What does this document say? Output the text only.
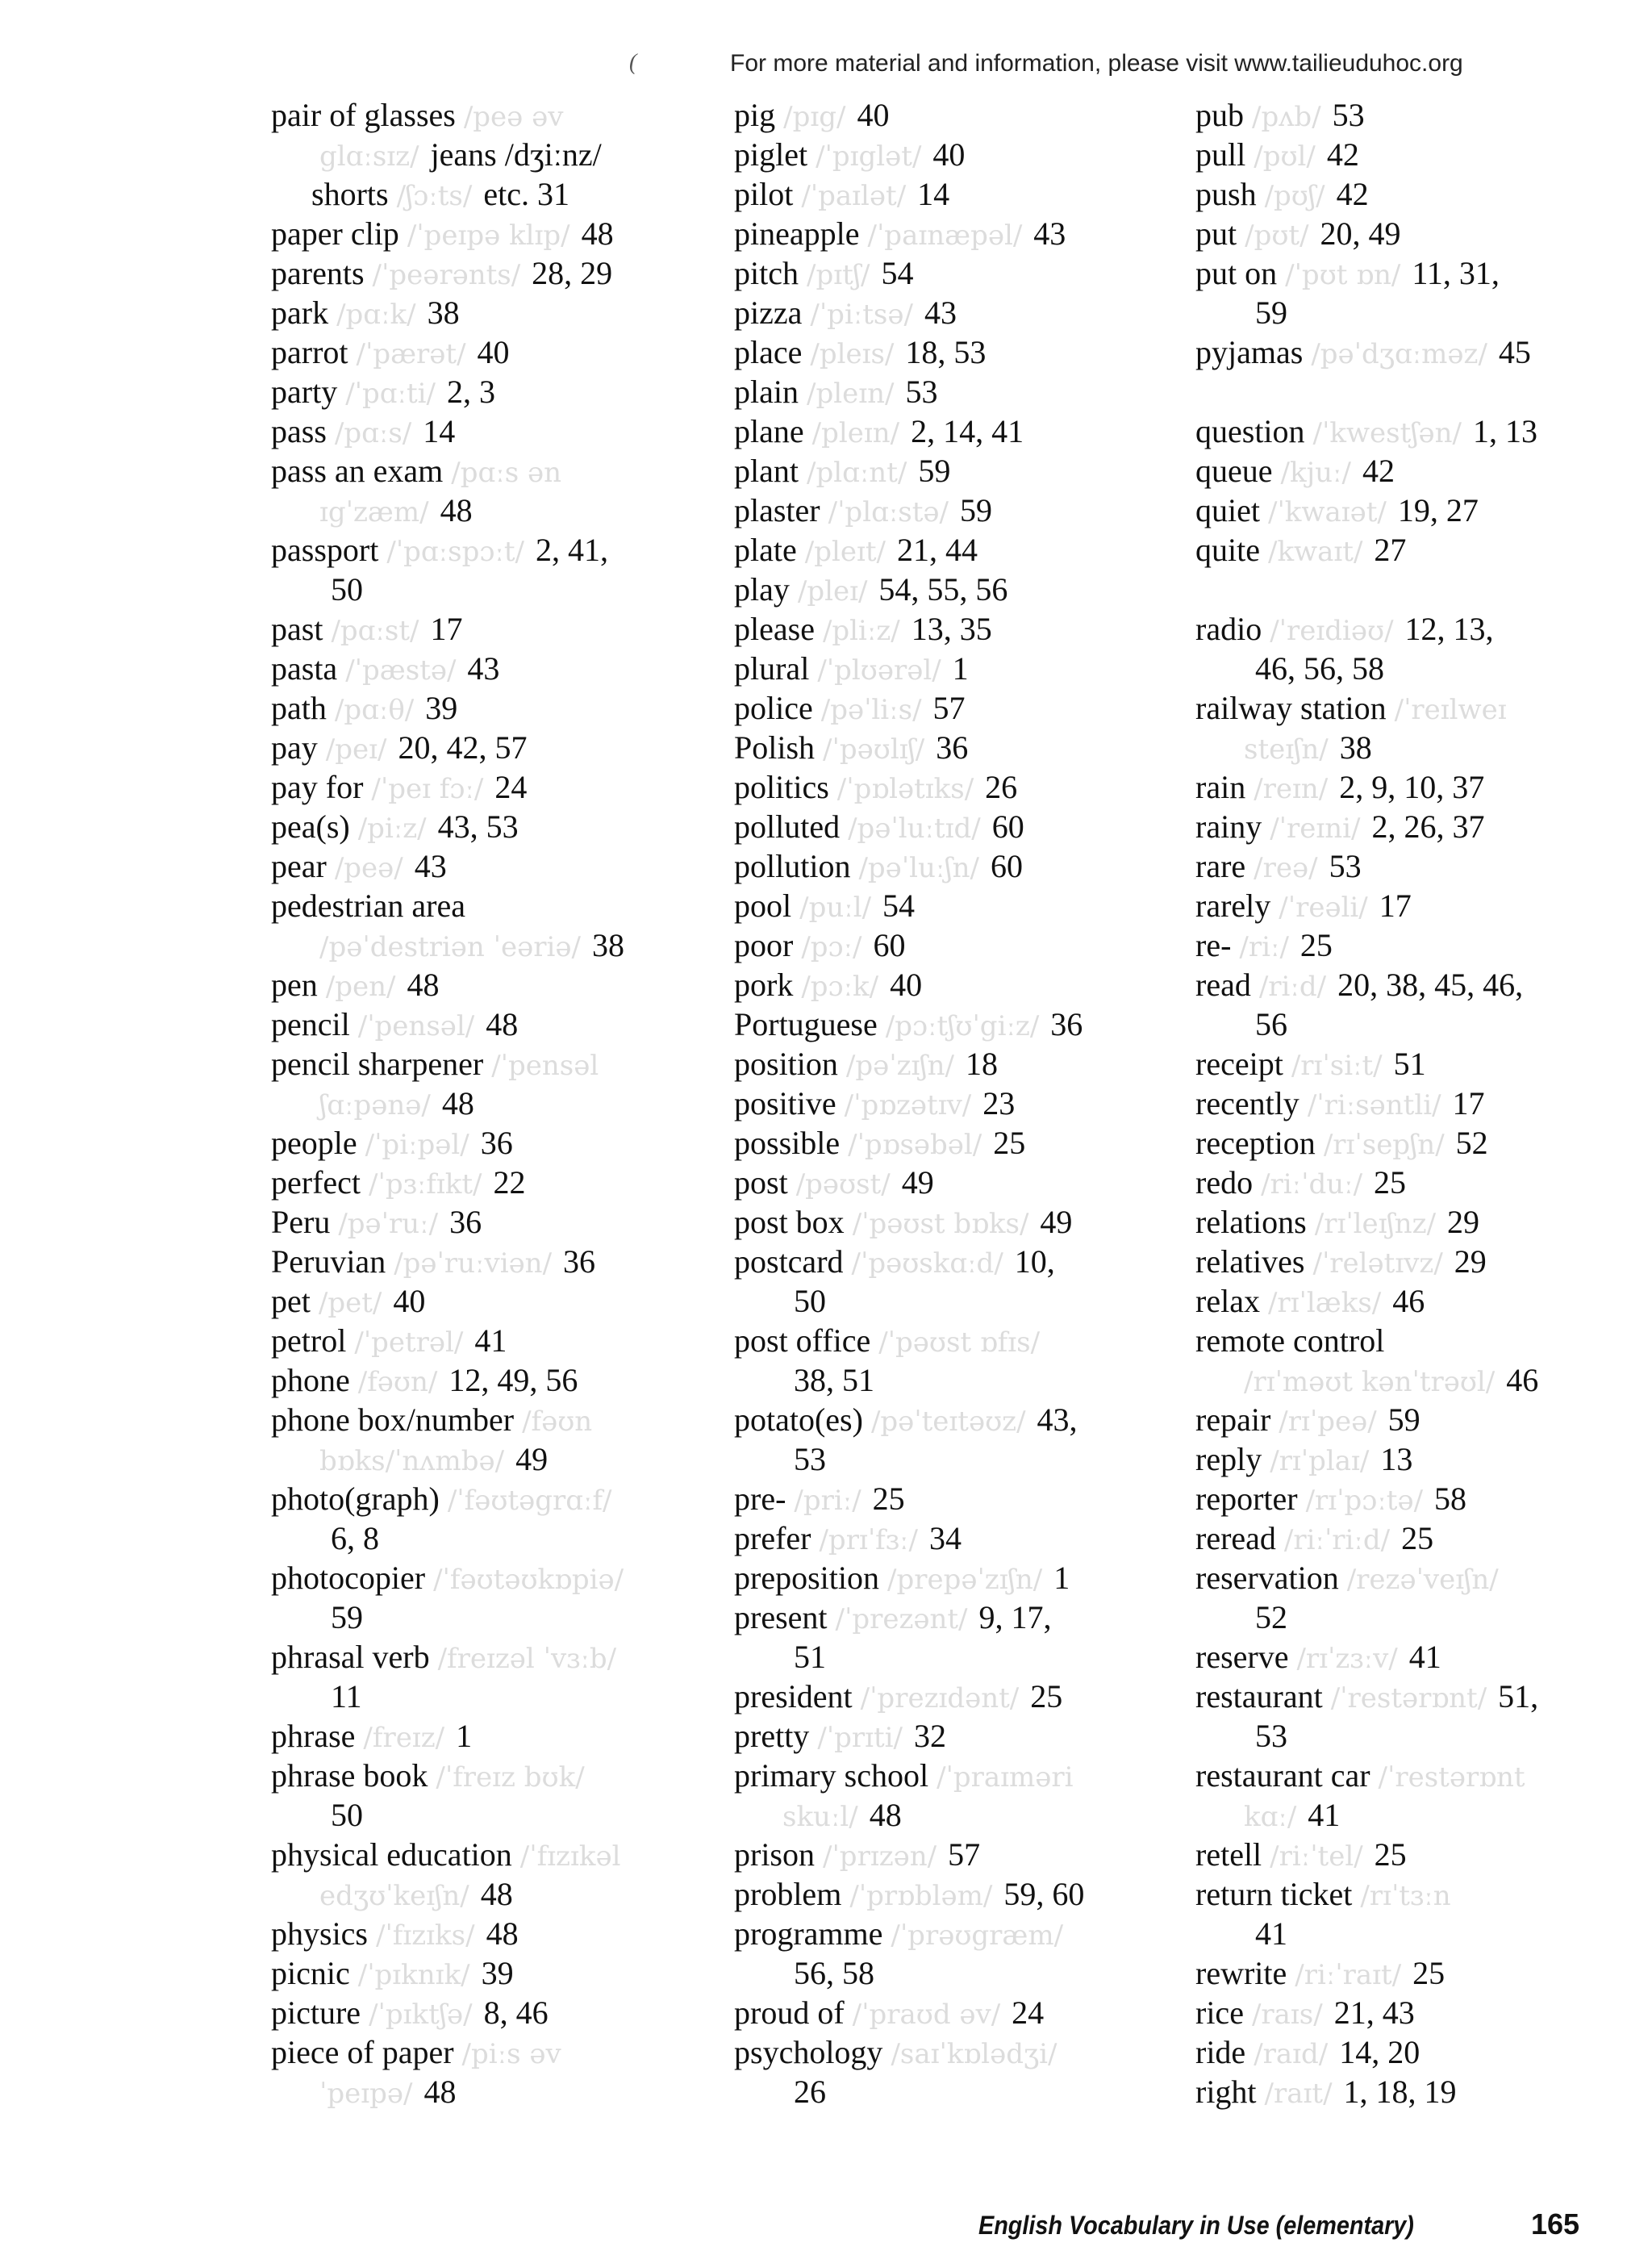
(	For more material and information, please visit www.tailieuduhoc.org
pair of glasses /peə əv
glɑːsɪz/ jeans /dʒiːnz/
shorts /ʃɔːts/ etc. 31
paper clip /ˈpeɪpə klɪp/ 48
parents /ˈpeərənts/ 28, 29
park /pɑːk/ 38
parrot /ˈpærət/ 40
party /ˈpɑːti/ 2, 3
pass /pɑːs/ 14
pass an exam /pɑːs ən
ɪgˈzæm/ 48
passport /ˈpɑːspɔːt/ 2, 41,
50
past /pɑːst/ 17
pasta /ˈpæstə/ 43
path /pɑːθ/ 39
pay /peɪ/ 20, 42, 57
pay for /ˈpeɪ fɔː/ 24
pea(s) /piːz/ 43, 53
pear /peə/ 43
pedestrian area
/pəˈdestriən ˈeəriə/ 38
pen /pen/ 48
pencil /ˈpensəl/ 48
pencil sharpener /ˈpensəl
ʃɑːpənə/ 48
people /ˈpiːpəl/ 36
perfect /ˈpɜːfɪkt/ 22
Peru /pəˈruː/ 36
Peruvian /pəˈruːviən/ 36
pet /pet/ 40
petrol /ˈpetrəl/ 41
phone /fəʊn/ 12, 49, 56
phone box/number /fəʊn
bɒks/ˈnʌmbə/ 49
photo(graph) /ˈfəʊtəgrɑːf/
6, 8
photocopier /ˈfəʊtəʊkɒpiə/
59
phrasal verb /freɪzəl ˈvɜːb/
11
phrase /freɪz/ 1
phrase book /ˈfreɪz bʊk/
50
physical education /ˈfɪzɪkəl
edʒʊˈkeɪʃn/ 48
physics /ˈfɪzɪks/ 48
picnic /ˈpɪknɪk/ 39
picture /ˈpɪktʃə/ 8, 46
piece of paper /piːs əv
ˈpeɪpə/ 48
pig /pɪg/ 40
piglet /ˈpɪglət/ 40
pilot /ˈpaɪlət/ 14
pineapple /ˈpaɪnæpəl/ 43
pitch /pɪtʃ/ 54
pizza /ˈpiːtsə/ 43
place /pleɪs/ 18, 53
plain /pleɪn/ 53
plane /pleɪn/ 2, 14, 41
plant /plɑːnt/ 59
plaster /ˈplɑːstə/ 59
plate /pleɪt/ 21, 44
play /pleɪ/ 54, 55, 56
please /pliːz/ 13, 35
plural /ˈplʊərəl/ 1
police /pəˈliːs/ 57
Polish /ˈpəʊlɪʃ/ 36
politics /ˈpɒlətɪks/ 26
polluted /pəˈluːtɪd/ 60
pollution /pəˈluːʃn/ 60
pool /puːl/ 54
poor /pɔː/ 60
pork /pɔːk/ 40
Portuguese /pɔːtʃʊˈgiːz/ 36
position /pəˈzɪʃn/ 18
positive /ˈpɒzətɪv/ 23
possible /ˈpɒsəbəl/ 25
post /pəʊst/ 49
post box /ˈpəʊst bɒks/ 49
postcard /ˈpəʊskɑːd/ 10,
50
post office /ˈpəʊst ɒfɪs/
38, 51
potato(es) /pəˈteɪtəʊz/ 43,
53
pre- /priː/ 25
prefer /prɪˈfɜː/ 34
preposition /prepəˈzɪʃn/ 1
present /ˈprezənt/ 9, 17,
51
president /ˈprezɪdənt/ 25
pretty /ˈprɪti/ 32
primary school /ˈpraɪməri
skuːl/ 48
prison /ˈprɪzən/ 57
problem /ˈprɒbləm/ 59, 60
programme /ˈprəʊgræm/
56, 58
proud of /ˈpraʊd əv/ 24
psychology /saɪˈkɒlədʒi/
26
pub /pʌb/ 53
pull /pʊl/ 42
push /pʊʃ/ 42
put /pʊt/ 20, 49
put on /ˈpʊt ɒn/ 11, 31,
59
pyjamas /pəˈdʒɑːməz/ 45
question /ˈkwestʃən/ 1, 13
queue /kjuː/ 42
quiet /ˈkwaɪət/ 19, 27
quite /kwaɪt/ 27
radio /ˈreɪdiəʊ/ 12, 13,
46, 56, 58
railway station /ˈreɪlweɪ
steɪʃn/ 38
rain /reɪn/ 2, 9, 10, 37
rainy /ˈreɪni/ 2, 26, 37
rare /reə/ 53
rarely /ˈreəli/ 17
re- /riː/ 25
read /riːd/ 20, 38, 45, 46,
56
receipt /rɪˈsiːt/ 51
recently /ˈriːsəntli/ 17
reception /rɪˈsepʃn/ 52
redo /riːˈduː/ 25
relations /rɪˈleɪʃnz/ 29
relatives /ˈrelətɪvz/ 29
relax /rɪˈlæks/ 46
remote control
/rɪˈməʊt kənˈtrəʊl/ 46
repair /rɪˈpeə/ 59
reply /rɪˈplaɪ/ 13
reporter /rɪˈpɔːtə/ 58
reread /riːˈriːd/ 25
reservation /rezəˈveɪʃn/
52
reserve /rɪˈzɜːv/ 41
restaurant /ˈrestərɒnt/ 51,
53
restaurant car /ˈrestərɒnt
kɑː/ 41
retell /riːˈtel/ 25
return ticket /rɪˈtɜːn
41
rewrite /riːˈraɪt/ 25
rice /raɪs/ 21, 43
ride /raɪd/ 14, 20
right /raɪt/ 1, 18, 19
English Vocabulary in Use (elementary)	165
